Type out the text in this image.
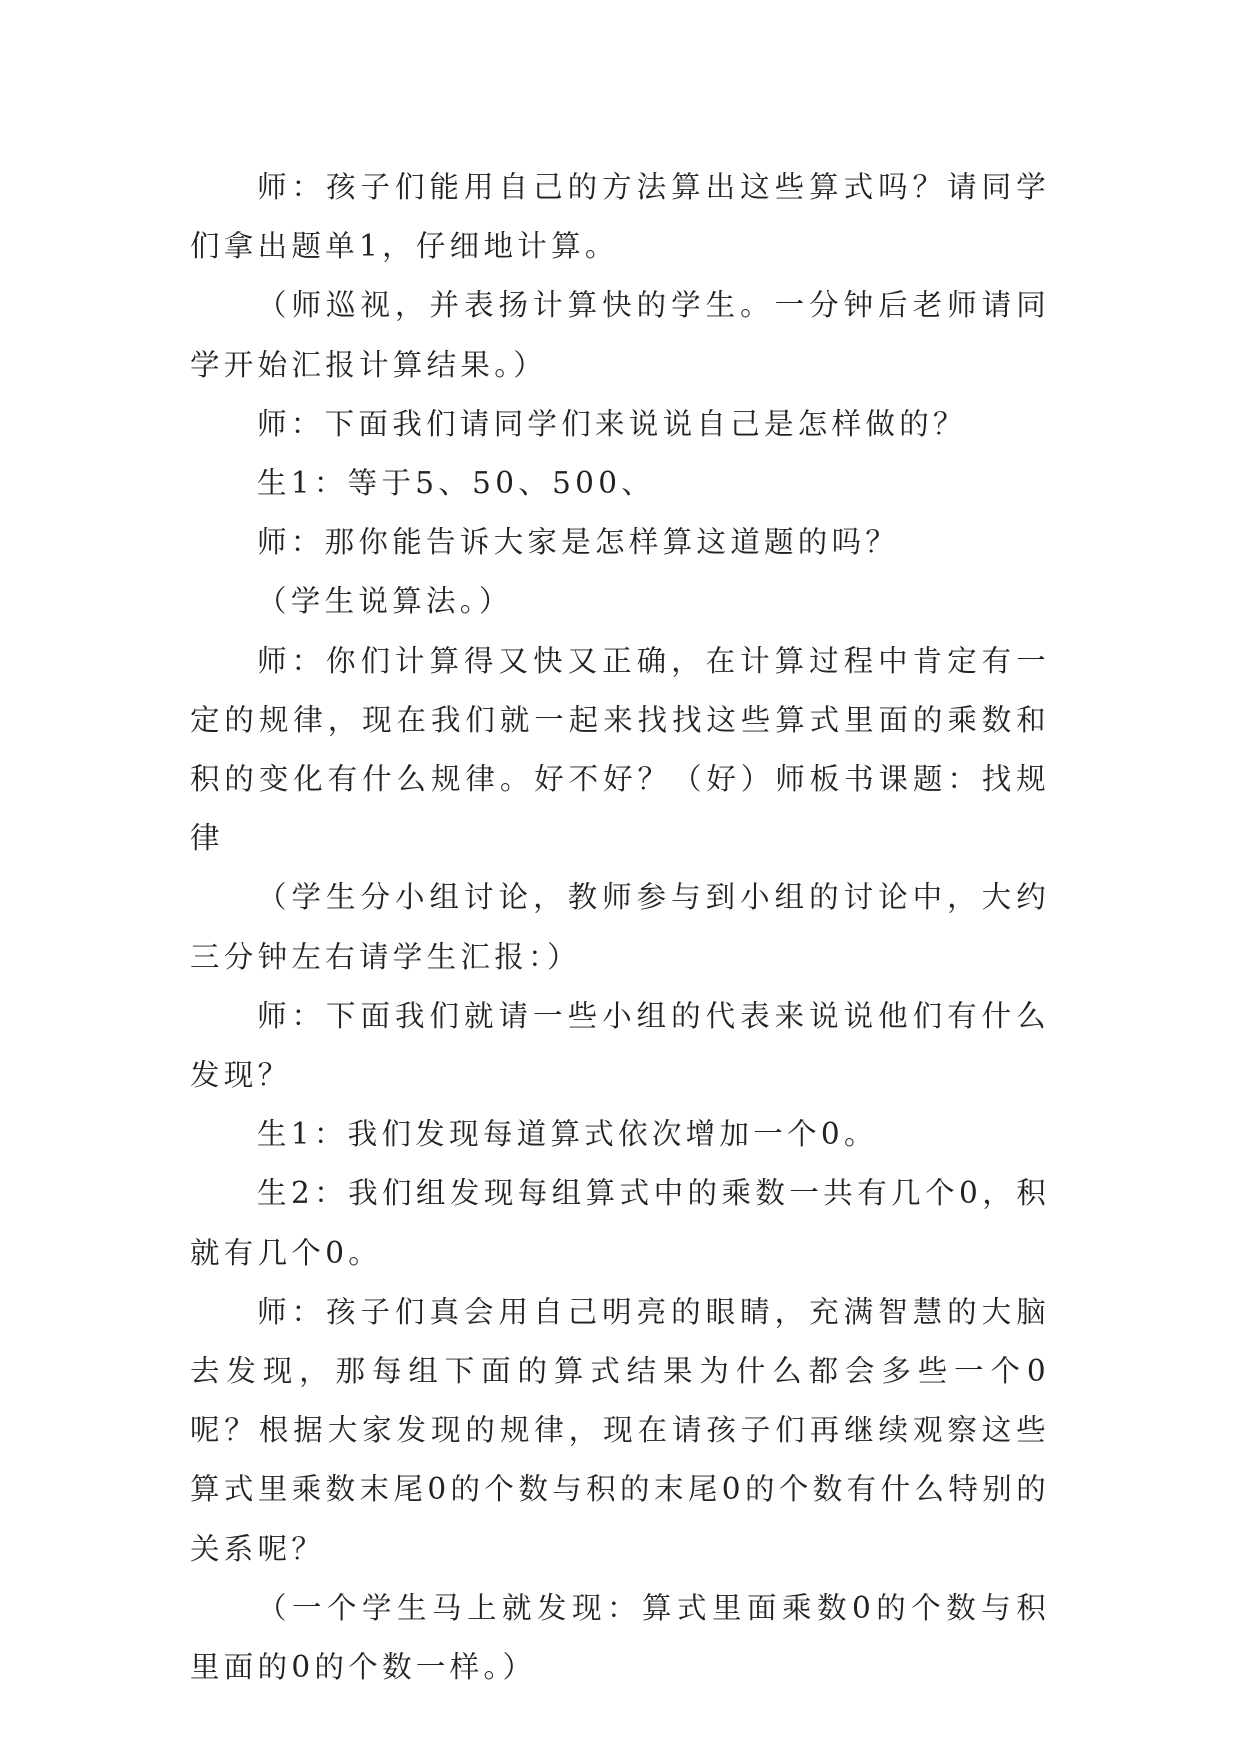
师：孩子们能用自己的方法算出这些算式吗？请同学们拿出题单1，仔细地计算。

（师巡视，并表扬计算快的学生。一分钟后老师请同学开始汇报计算结果。）

师：下面我们请同学们来说说自己是怎样做的？

生1：等于5、50、500、

师：那你能告诉大家是怎样算这道题的吗？

（学生说算法。）

师：你们计算得又快又正确，在计算过程中肯定有一定的规律，现在我们就一起来找找这些算式里面的乘数和积的变化有什么规律。好不好？（好）师板书课题：找规律

（学生分小组讨论，教师参与到小组的讨论中，大约三分钟左右请学生汇报：）

师：下面我们就请一些小组的代表来说说他们有什么发现？

生1：我们发现每道算式依次增加一个0。

生2：我们组发现每组算式中的乘数一共有几个0，积就有几个0。

师：孩子们真会用自己明亮的眼睛，充满智慧的大脑去发现，那每组下面的算式结果为什么都会多些一个0呢？根据大家发现的规律，现在请孩子们再继续观察这些算式里乘数末尾0的个数与积的末尾0的个数有什么特别的关系呢？

（一个学生马上就发现：算式里面乘数0的个数与积里面的0的个数一样。）
